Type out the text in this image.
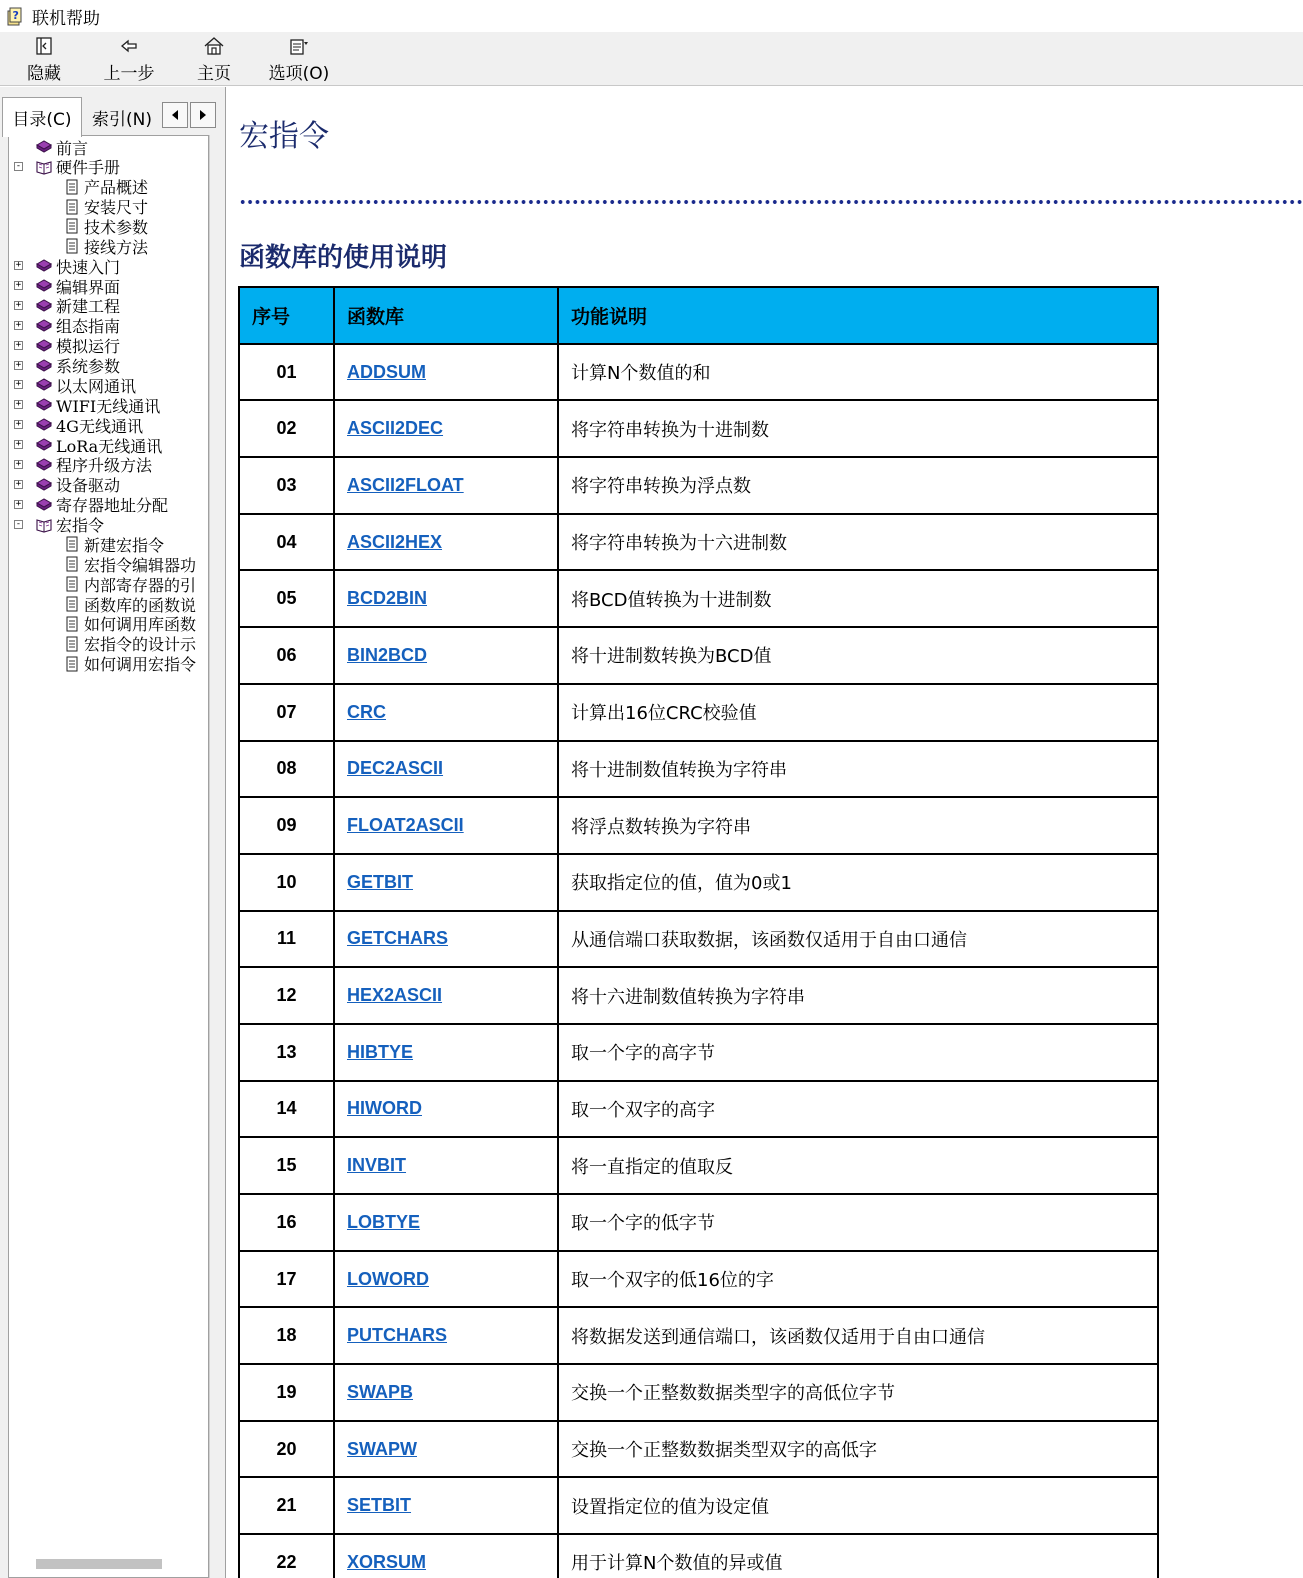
? 联机帮助
隐藏	上一步	主页 选项(O)
目录(C)	索引(N)
前言
硬件手册
-
产品概述
安装尺寸
技术参数
接线方法
快速入门
+
编辑界面
+
新建工程
+
组态指南
+
模拟运行
+
系统参数
+
以太网通讯
+
WIFI无线通讯
+
4G无线通讯
+
LoRa无线通讯
+
程序升级方法
+
设备驱动
+
寄存器地址分配
+
宏指令
-
新建宏指令
宏指令编辑器功
内部寄存器的引
函数库的函数说
如何调用库函数
宏指令的设计示
如何调用宏指令
宏指令
函数库的使用说明
序号	函数库	功能说明
01	ADDSUM	计算N个数值的和
02	ASCII2DEC	将字符串转换为十进制数
03	ASCII2FLOAT	将字符串转换为浮点数
04	ASCII2HEX	将字符串转换为十六进制数
05	BCD2BIN	将BCD值转换为十进制数
06	BIN2BCD	将十进制数转换为BCD值
07	CRC	计算出16位CRC校验值
08	DEC2ASCII	将十进制数值转换为字符串
09	FLOAT2ASCII	将浮点数转换为字符串
10	GETBIT	获取指定位的值，值为0或1
11	GETCHARS	从通信端口获取数据，该函数仅适用于自由口通信
12	HEX2ASCII	将十六进制数值转换为字符串
13	HIBTYE	取一个字的高字节
14	HIWORD	取一个双字的高字
15	INVBIT	将一直指定的值取反
16	LOBTYE	取一个字的低字节
17	LOWORD	取一个双字的低16位的字
18	PUTCHARS	将数据发送到通信端口，该函数仅适用于自由口通信
19	SWAPB	交换一个正整数数据类型字的高低位字节
20	SWAPW	交换一个正整数数据类型双字的高低字
21	SETBIT	设置指定位的值为设定值
22	XORSUM	用于计算N个数值的异或值
